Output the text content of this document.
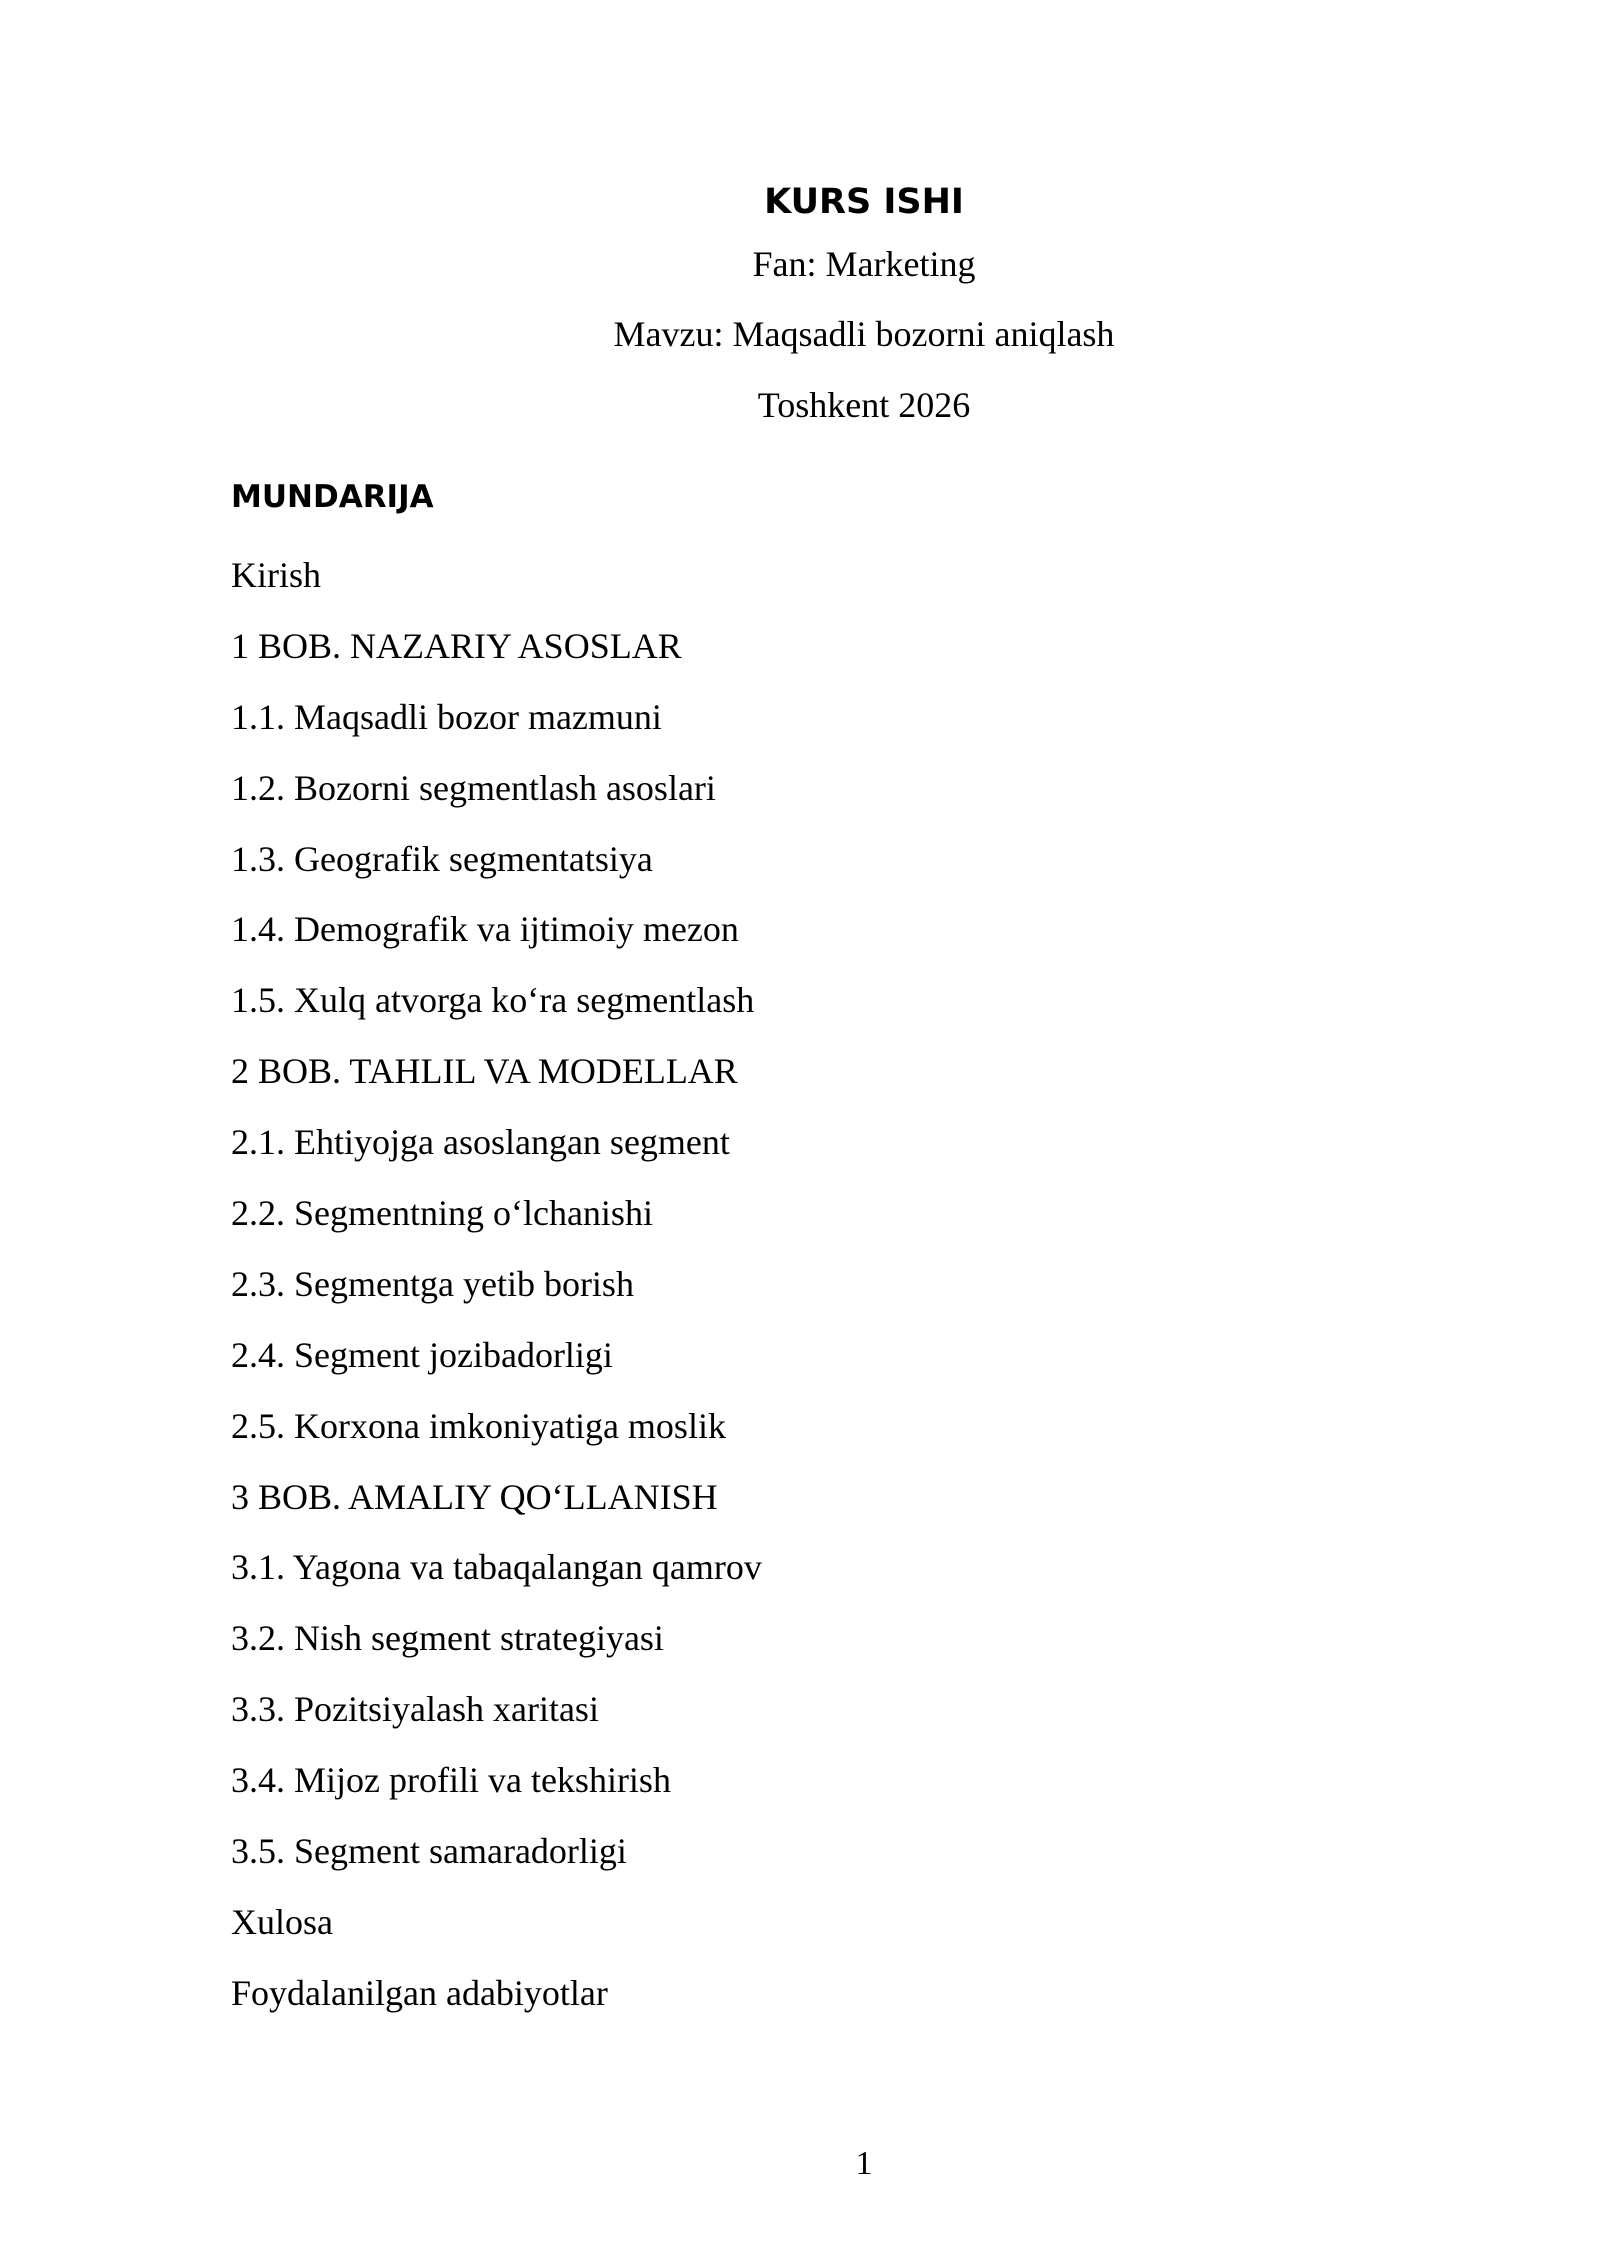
KURS ISHI
Fan: Marketing
Mavzu: Maqsadli bozorni aniqlash
Toshkent 2026
MUNDARIJA
Kirish
1 BOB. NAZARIY ASOSLAR
1.1. Maqsadli bozor mazmuni
1.2. Bozorni segmentlash asoslari
1.3. Geografik segmentatsiya
1.4. Demografik va ijtimoiy mezon
1.5. Xulq atvorga ko‘ra segmentlash
2 BOB. TAHLIL VA MODELLAR
2.1. Ehtiyojga asoslangan segment
2.2. Segmentning o‘lchanishi
2.3. Segmentga yetib borish
2.4. Segment jozibadorligi
2.5. Korxona imkoniyatiga moslik
3 BOB. AMALIY QO‘LLANISH
3.1. Yagona va tabaqalangan qamrov
3.2. Nish segment strategiyasi
3.3. Pozitsiyalash xaritasi
3.4. Mijoz profili va tekshirish
3.5. Segment samaradorligi
Xulosa
Foydalanilgan adabiyotlar
1
